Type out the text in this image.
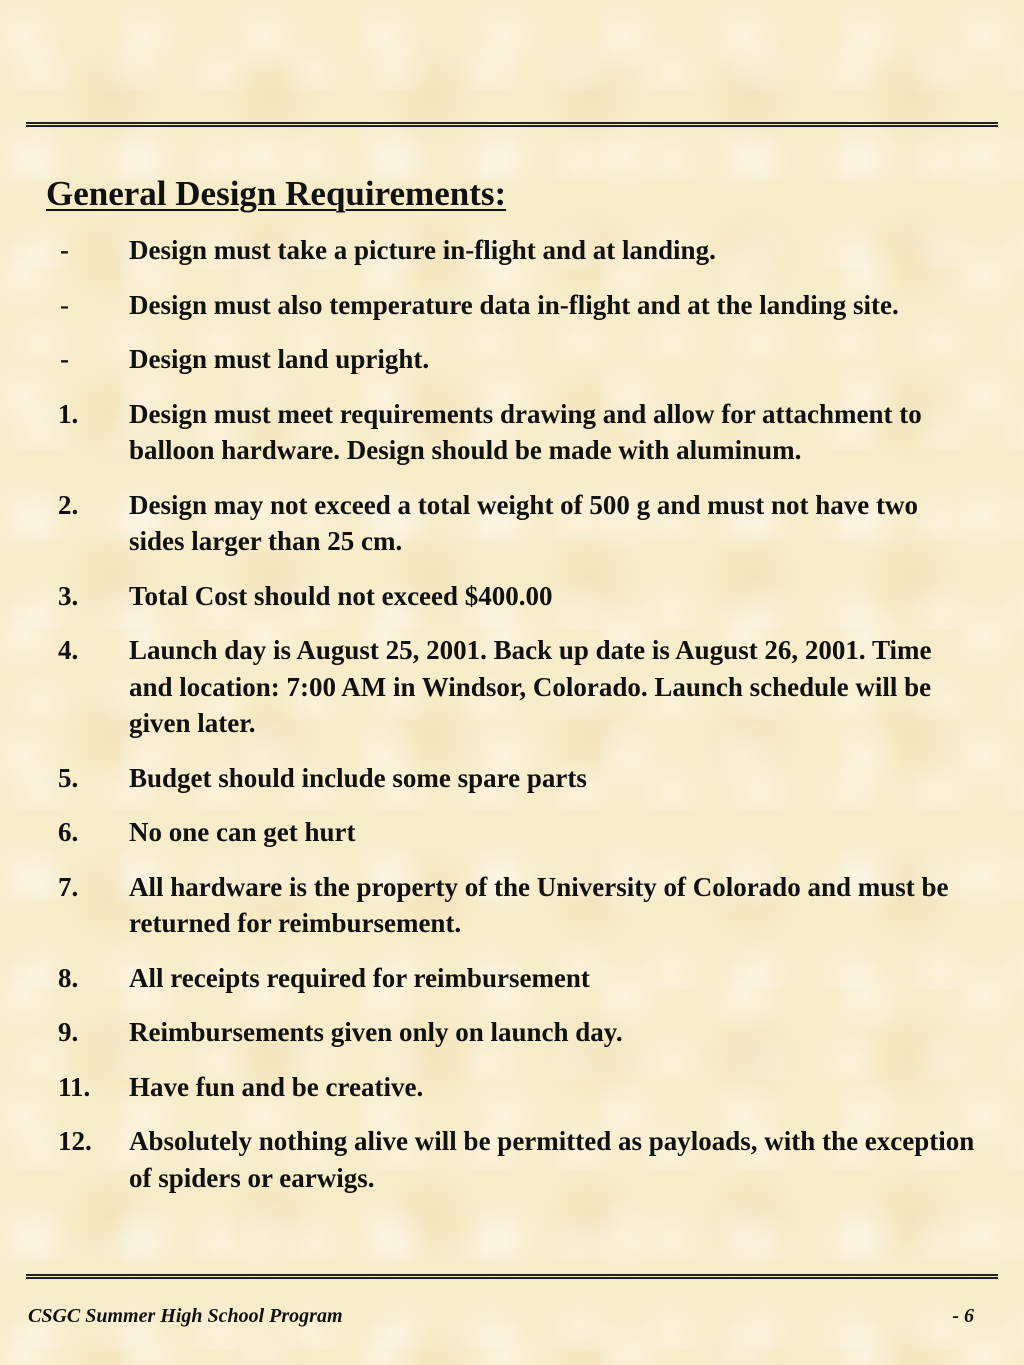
General Design Requirements:
- Design must take a picture in-flight and at landing.
- Design must also temperature data in-flight and at the landing site.
- Design must land upright.
1. Design must meet requirements drawing and allow for attachment to balloon hardware. Design should be made with aluminum.
2. Design may not exceed a total weight of 500 g and must not have two sides larger than 25 cm.
3. Total Cost should not exceed $400.00
4. Launch day is August 25, 2001. Back up date is August 26, 2001. Time and location: 7:00 AM in Windsor, Colorado. Launch schedule will be given later.
5. Budget should include some spare parts
6. No one can get hurt
7. All hardware is the property of the University of Colorado and must be returned for reimbursement.
8. All receipts required for reimbursement
9. Reimbursements given only on launch day.
11. Have fun and be creative.
12. Absolutely nothing alive will be permitted as payloads, with the exception of spiders or earwigs.
CSGC Summer High School Program	- 6
